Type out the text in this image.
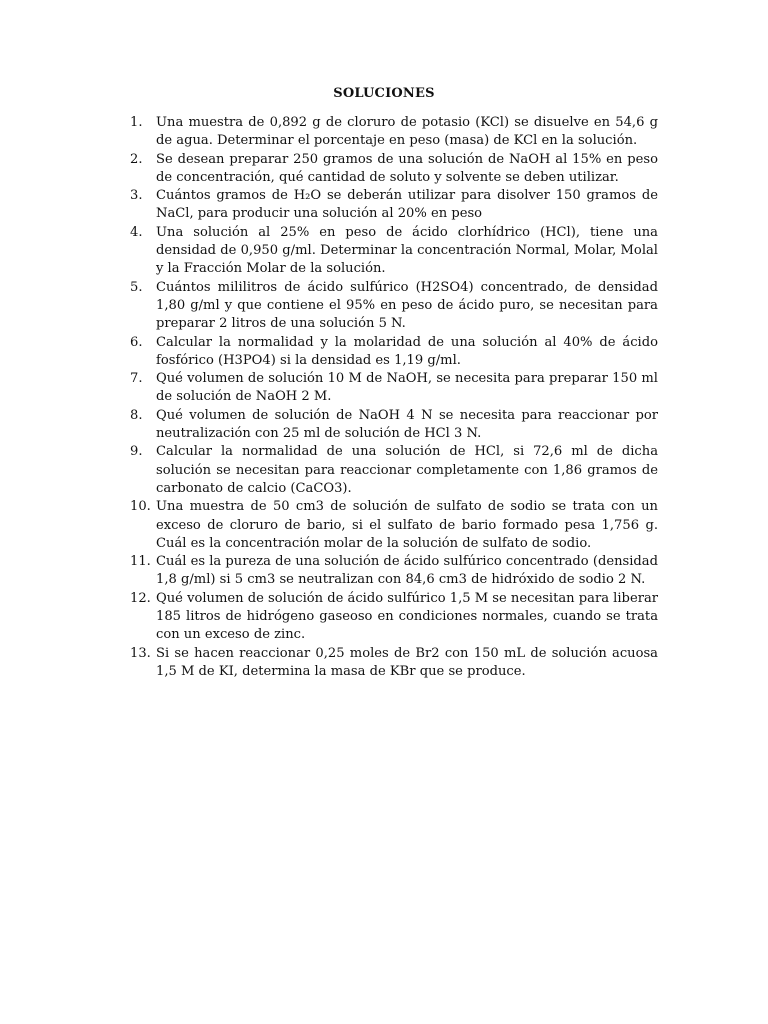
SOLUCIONES
1.	Una muestra de 0,892 g de cloruro de potasio (KCl) se disuelve en 54,6 g de agua. Determinar el porcentaje en peso (masa) de KCl en la solución.
2.	Se desean preparar 250 gramos de una solución de NaOH al 15% en peso de concentración, qué cantidad de soluto y solvente se deben utilizar.
3.	Cuántos gramos de H₂O se deberán utilizar para disolver 150 gramos de NaCl, para producir una solución al 20% en peso
4.	Una solución al 25% en peso de ácido clorhídrico (HCl), tiene una densidad de 0,950 g/ml. Determinar la concentración Normal, Molar, Molal y la Fracción Molar de la solución.
5.	Cuántos mililitros de ácido sulfúrico (H2SO4) concentrado, de densidad 1,80 g/ml y que contiene el 95% en peso de ácido puro, se necesitan para preparar 2 litros de una solución 5 N.
6.	Calcular la normalidad y la molaridad de una solución al 40% de ácido fosfórico (H3PO4) si la densidad es 1,19 g/ml.
7.	Qué volumen de solución 10 M de NaOH, se necesita para preparar 150 ml de solución de NaOH 2 M.
8.	Qué volumen de solución de NaOH 4 N se necesita para reaccionar por neutralización con 25 ml de solución de HCl 3 N.
9.	Calcular la normalidad de una solución de HCl, si 72,6 ml de dicha solución se necesitan para reaccionar completamente con 1,86 gramos de carbonato de calcio (CaCO3).
10. Una muestra de 50 cm3 de solución de sulfato de sodio se trata con un exceso de cloruro de bario, si el sulfato de bario formado pesa 1,756 g. Cuál es la concentración molar de la solución de sulfato de sodio.
11. Cuál es la pureza de una solución de ácido sulfúrico concentrado (densidad 1,8 g/ml) si 5 cm3 se neutralizan con 84,6 cm3 de hidróxido de sodio 2 N.
12. Qué volumen de solución de ácido sulfúrico 1,5 M se necesitan para liberar 185 litros de hidrógeno gaseoso en condiciones normales, cuando se trata con un exceso de zinc.
13. Si se hacen reaccionar 0,25 moles de Br2 con 150 mL de solución acuosa 1,5 M de KI, determina la masa de KBr que se produce.
